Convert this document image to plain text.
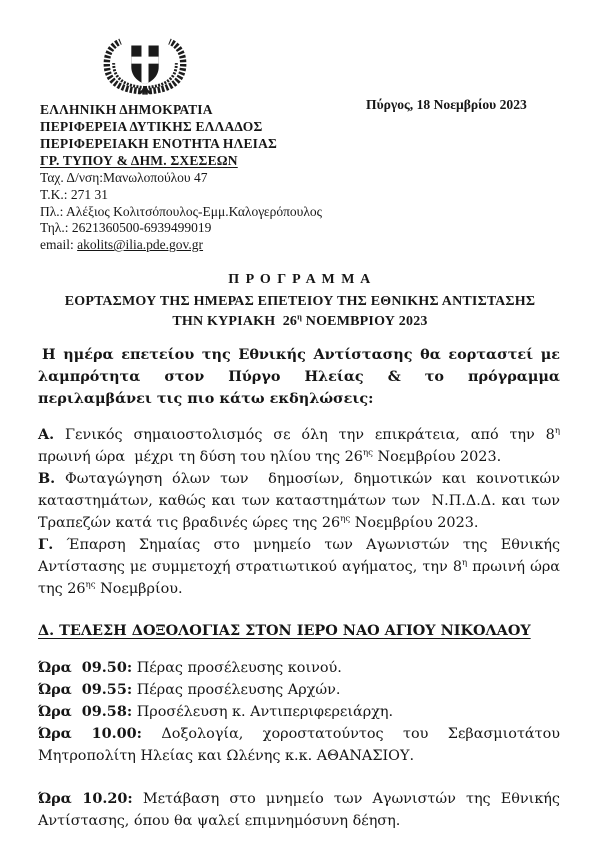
Πύργος, 18 Νοεμβρίου 2023
ΕΛΛΗΝΙΚΗ ΔΗΜΟΚΡΑΤΙΑ
ΠΕΡΙΦΕΡΕΙΑ ΔΥΤΙΚΗΣ ΕΛΛΑΔΟΣ
ΠΕΡΙΦΕΡΕΙΑΚΗ ΕΝΟΤΗΤΑ ΗΛΕΙΑΣ
ΓΡ. ΤΥΠΟΥ & ΔΗΜ. ΣΧΕΣΕΩΝ
Ταχ. Δ/νση:Μανωλοπούλου 47
Τ.Κ.: 271 31
Πλ.: Αλέξιος Κολιτσόπουλος-Εμμ.Καλογερόπουλος
Τηλ.: 2621360500-6939499019
email: akolits@ilia.pde.gov.gr
Π Ρ Ο Γ Ρ Α Μ Μ Α
ΕΟΡΤΑΣΜΟΥ ΤΗΣ ΗΜΕΡΑΣ ΕΠΕΤΕΙΟΥ ΤΗΣ ΕΘΝΙΚΗΣ ΑΝΤΙΣΤΑΣΗΣ
ΤΗΝ ΚΥΡΙΑΚΗ  $26^\eta$ ΝΟΕΜΒΡΙΟΥ 2023

Η ημέρα επετείου της Εθνικής Αντίστασης θα εορταστεί με λαμπρότητα στον Πύργο Ηλείας & το πρόγραμμα περιλαμβάνει τις πιο κάτω εκδηλώσεις:

Α. Γενικός σημαιοστολισμός σε όλη την επικράτεια, από την $8^\eta$ πρωινή ώρα  μέχρι τη δύση του ηλίου της $26^{\eta\varsigma}$ Νοεμβρίου 2023.

Β. Φωταγώγηση όλων των  δημοσίων, δημοτικών και κοινοτικών καταστημάτων, καθώς και των καταστημάτων των  Ν.Π.Δ.Δ. και των Τραπεζών κατά τις βραδινές ώρες της $26^{\eta\varsigma}$ Νοεμβρίου 2023.

Γ. Έπαρση Σημαίας στο μνημείο των Αγωνιστών της Εθνικής Αντίστασης με συμμετοχή στρατιωτικού αγήματος, την $8^\eta$ πρωινή ώρα της $26^{\eta\varsigma}$ Νοεμβρίου.

Δ. ΤΕΛΕΣΗ ΔΟΞΟΛΟΓΙΑΣ ΣΤΟΝ ΙΕΡΟ ΝΑΟ ΑΓΙΟΥ ΝΙΚΟΛΑΟΥ

Ώρα  09.50: Πέρας προσέλευσης κοινού.

Ώρα  09.55: Πέρας προσέλευσης Αρχών.

Ώρα  09.58: Προσέλευση κ. Αντιπεριφερειάρχη.

Ώρα 10.00: Δοξολογία, χοροστατούντος του Σεβασμιοτάτου Μητροπολίτη Ηλείας και Ωλένης κ.κ. ΑΘΑΝΑΣΙΟΥ.

Ώρα 10.20: Μετάβαση στο μνημείο των Αγωνιστών της Εθνικής Αντίστασης, όπου θα ψαλεί επιμνημόσυνη δέηση.
